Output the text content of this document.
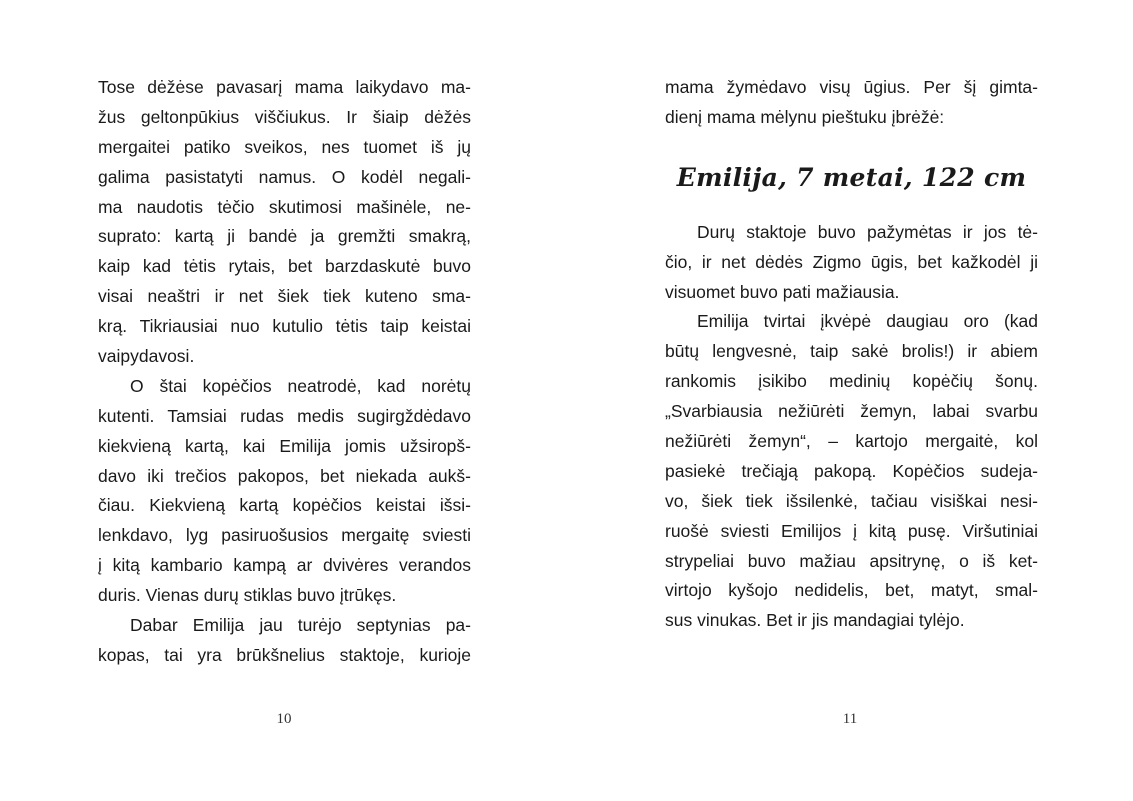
Tose dėžėse pavasarį mama laikydavo ma-
žus geltonpūkius viščiukus. Ir šiaip dėžės
mergaitei patiko sveikos, nes tuomet iš jų
galima pasistatyti namus. O kodėl negali-
ma naudotis tėčio skutimosi mašinėle, ne-
suprato: kartą ji bandė ja gremžti smakrą,
kaip kad tėtis rytais, bet barzdaskutė buvo
visai neaštri ir net šiek tiek kuteno sma-
krą. Tikriausiai nuo kutulio tėtis taip keistai
vaipydavosi.
O štai kopėčios neatrodė, kad norėtų
kutenti. Tamsiai rudas medis sugirgždėdavo
kiekvieną kartą, kai Emilija jomis užsiropš-
davo iki trečios pakopos, bet niekada aukš-
čiau. Kiekvieną kartą kopėčios keistai išsi-
lenkdavo, lyg pasiruošusios mergaitę sviesti
į kitą kambario kampą ar dvivėres verandos
duris. Vienas durų stiklas buvo įtrūkęs.
Dabar Emilija jau turėjo septynias pa-
kopas, tai yra brūkšnelius staktoje, kurioje
10
mama žymėdavo visų ūgius. Per šį gimta-
dienį mama mėlynu pieštuku įbrėžė:
Emilija, 7 metai, 122 cm
Durų staktoje buvo pažymėtas ir jos tė-
čio, ir net dėdės Zigmo ūgis, bet kažkodėl ji
visuomet buvo pati mažiausia.
Emilija tvirtai įkvėpė daugiau oro (kad
būtų lengvesnė, taip sakė brolis!) ir abiem
rankomis įsikibo medinių kopėčių šonų.
„Svarbiausia nežiūrėti žemyn, labai svarbu
nežiūrėti žemyn“, – kartojo mergaitė, kol
pasiekė trečiąją pakopą. Kopėčios sudeja-
vo, šiek tiek išsilenkė, tačiau visiškai nesi-
ruošė sviesti Emilijos į kitą pusę. Viršutiniai
strypeliai buvo mažiau apsitrynę, o iš ket-
virtojo kyšojo nedidelis, bet, matyt, smal-
sus vinukas. Bet ir jis mandagiai tylėjo.
11
